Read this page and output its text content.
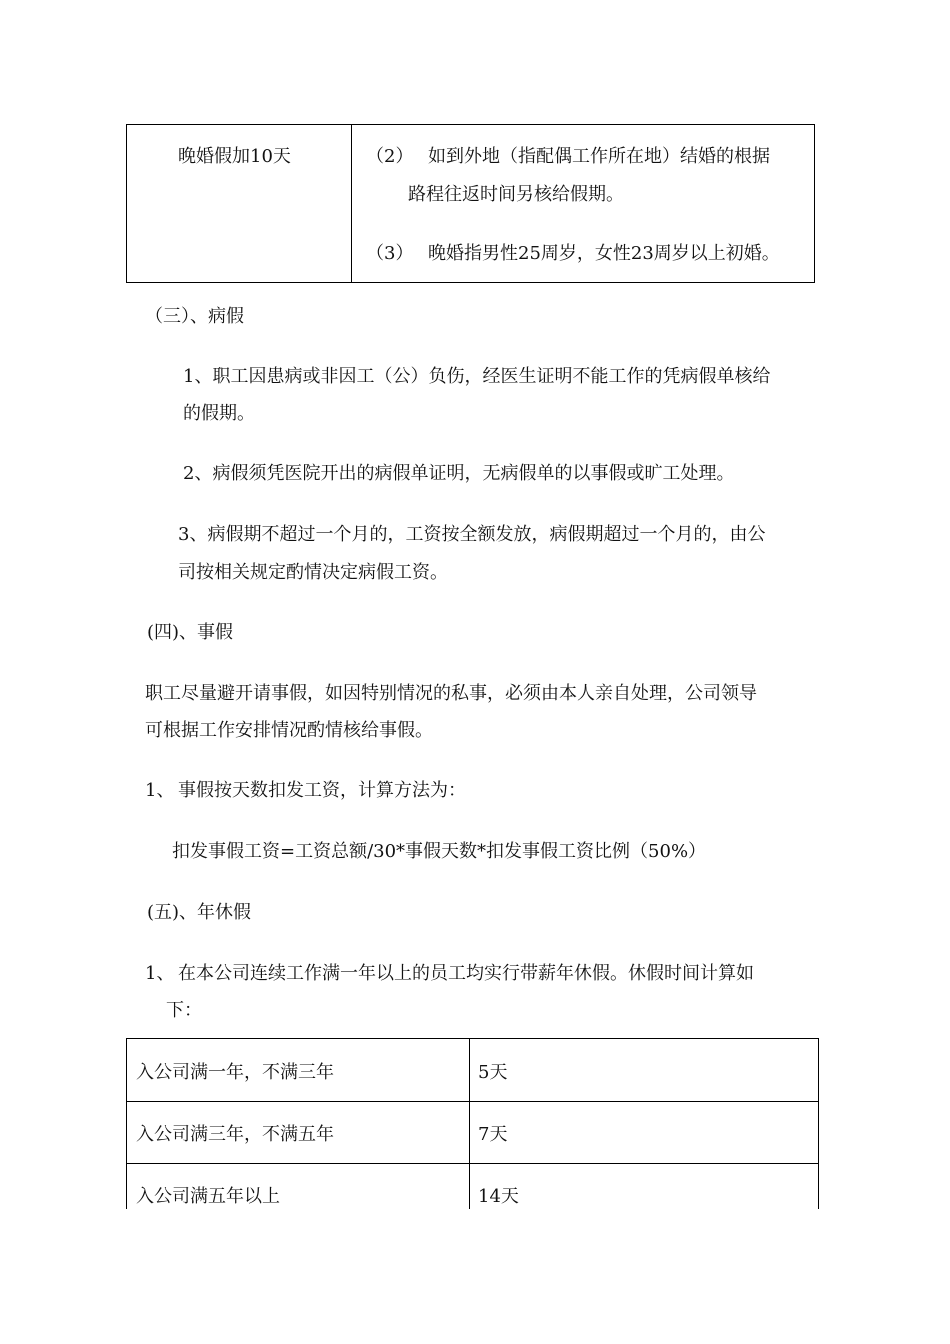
晚婚假加10天	（2） 如到外地（指配偶工作所在地）结婚的根据
路程往返时间另核给假期。
（3） 晚婚指男性25周岁，女性23周岁以上初婚。
（三）、病假
1、职工因患病或非因工（公）负伤，经医生证明不能工作的凭病假单核给
的假期。
2、病假须凭医院开出的病假单证明，无病假单的以事假或旷工处理。
3、病假期不超过一个月的，工资按全额发放，病假期超过一个月的，由公
司按相关规定酌情决定病假工资。
(四)、事假
职工尽量避开请事假，如因特别情况的私事，必须由本人亲自处理，公司领导
可根据工作安排情况酌情核给事假。
1、 事假按天数扣发工资，计算方法为：
扣发事假工资=工资总额/30*事假天数*扣发事假工资比例（50%）
(五)、年休假
1、 在本公司连续工作满一年以上的员工均实行带薪年休假。休假时间计算如
下：
入公司满一年，不满三年	5天
入公司满三年，不满五年	7天
入公司满五年以上	14天
